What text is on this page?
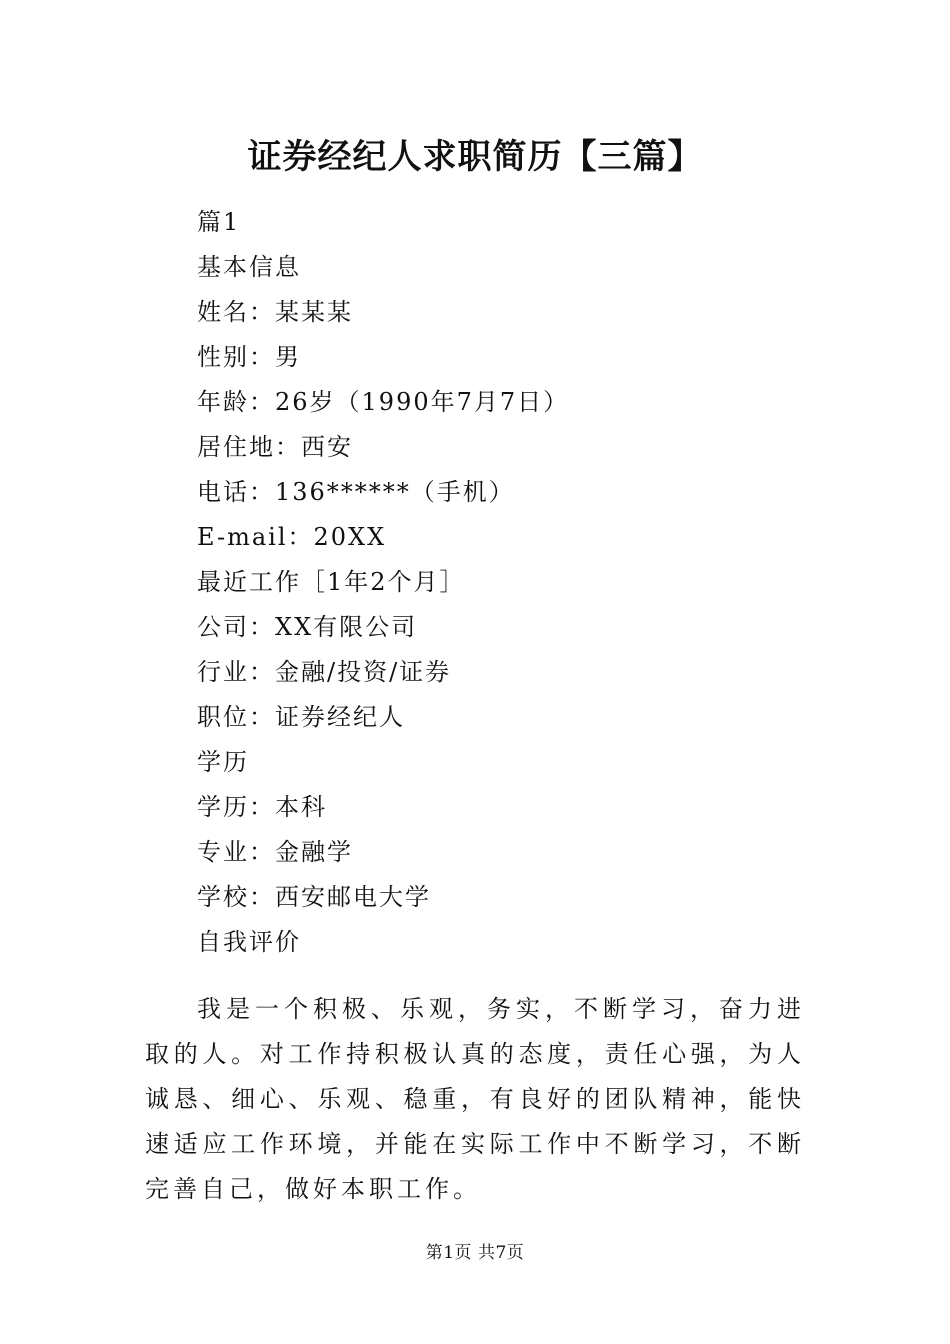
证券经纪人求职简历【三篇】
篇1
基本信息
姓名：某某某
性别：男
年龄：26岁（1990年7月7日）
居住地：西安
电话：136******（手机）
E-mail：20XX
最近工作［1年2个月］
公司：XX有限公司
行业：金融/投资/证券
职位：证券经纪人
学历
学历：本科
专业：金融学
学校：西安邮电大学
自我评价

我是一个积极、乐观，务实，不断学习，奋力进取的人。对工作持积极认真的态度，责任心强，为人诚恳、细心、乐观、稳重，有良好的团队精神，能快速适应工作环境，并能在实际工作中不断学习，不断完善自己，做好本职工作。

第1页 共7页
